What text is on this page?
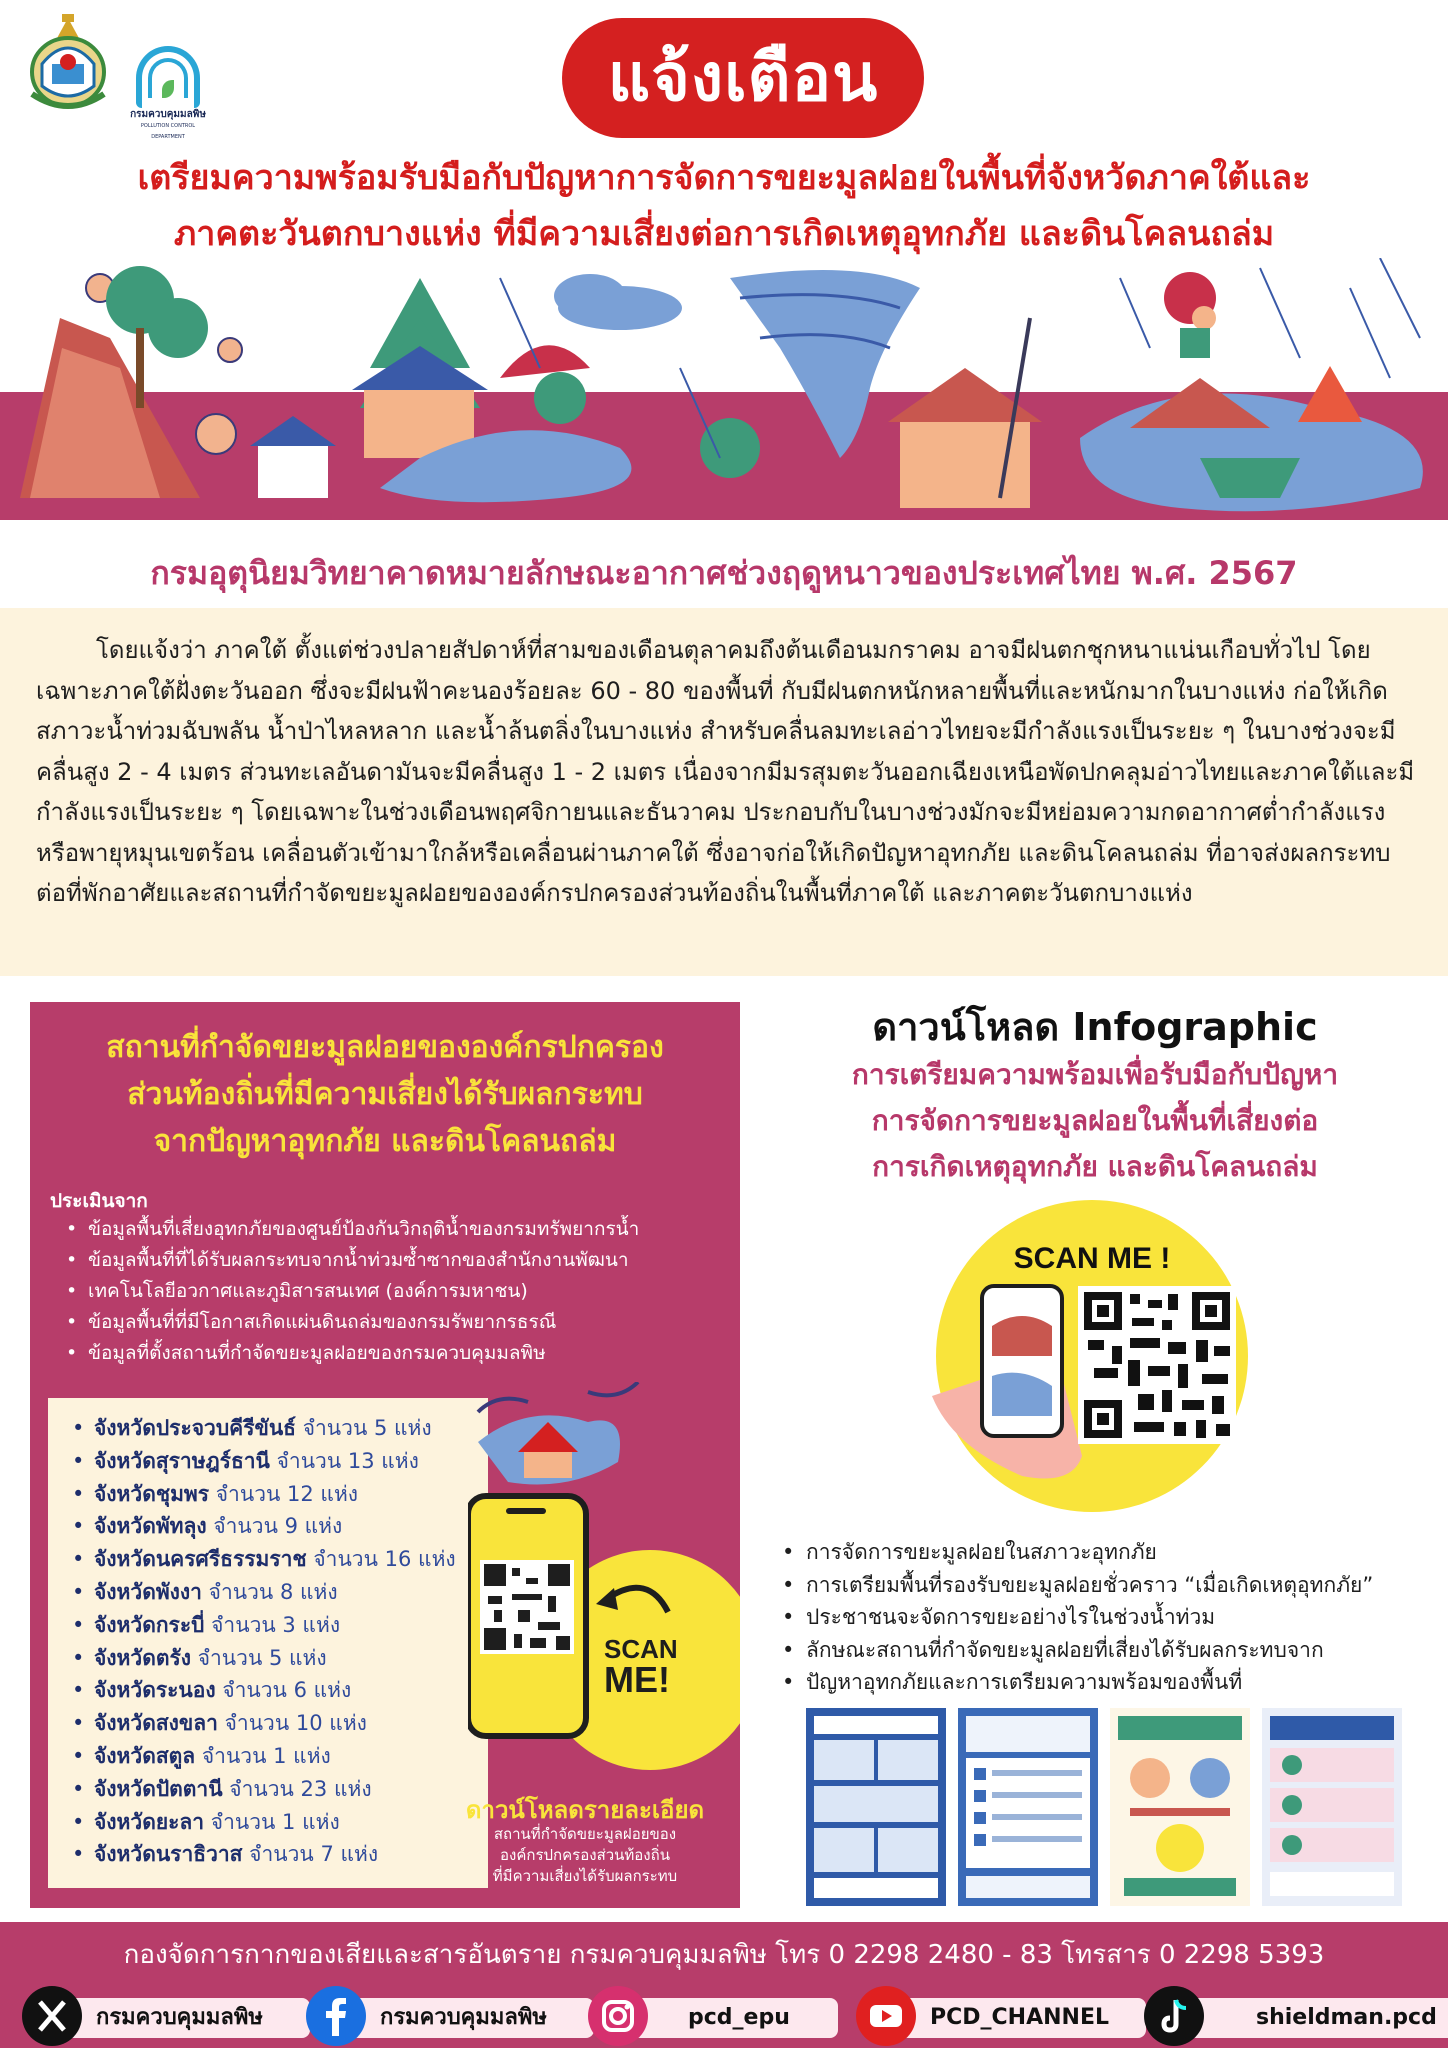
กรมควบคุมมลพิษ
POLLUTION CONTROL DEPARTMENT
แจ้งเตือน
เตรียมความพร้อมรับมือกับปัญหาการจัดการขยะมูลฝอยในพื้นที่จังหวัดภาคใต้และ
ภาคตะวันตกบางแห่ง ที่มีความเสี่ยงต่อการเกิดเหตุอุทกภัย และดินโคลนถล่ม
กรมอุตุนิยมวิทยาคาดหมายลักษณะอากาศช่วงฤดูหนาวของประเทศไทย พ.ศ. 2567

โดยแจ้งว่า ภาคใต้ ตั้งแต่ช่วงปลายสัปดาห์ที่สามของเดือนตุลาคมถึงต้นเดือนมกราคม อาจมีฝนตกชุกหนาแน่นเกือบทั่วไป โดยเฉพาะภาคใต้ฝั่งตะวันออก ซึ่งจะมีฝนฟ้าคะนองร้อยละ 60 - 80 ของพื้นที่ กับมีฝนตกหนักหลายพื้นที่และหนักมากในบางแห่ง ก่อให้เกิดสภาวะน้ำท่วมฉับพลัน น้ำป่าไหลหลาก และน้ำล้นตลิ่งในบางแห่ง สำหรับคลื่นลมทะเลอ่าวไทยจะมีกำลังแรงเป็นระยะ ๆ ในบางช่วงจะมีคลื่นสูง 2 - 4 เมตร ส่วนทะเลอันดามันจะมีคลื่นสูง 1 - 2 เมตร เนื่องจากมีมรสุมตะวันออกเฉียงเหนือพัดปกคลุมอ่าวไทยและภาคใต้และมีกำลังแรงเป็นระยะ ๆ โดยเฉพาะในช่วงเดือนพฤศจิกายนและธันวาคม ประกอบกับในบางช่วงมักจะมีหย่อมความกดอากาศต่ำกำลังแรงหรือพายุหมุนเขตร้อน เคลื่อนตัวเข้ามาใกล้หรือเคลื่อนผ่านภาคใต้ ซึ่งอาจก่อให้เกิดปัญหาอุทกภัย และดินโคลนถล่ม ที่อาจส่งผลกระทบต่อที่พักอาศัยและสถานที่กำจัดขยะมูลฝอยขององค์กรปกครองส่วนท้องถิ่นในพื้นที่ภาคใต้ และภาคตะวันตกบางแห่ง

สถานที่กำจัดขยะมูลฝอยขององค์กรปกครอง
ส่วนท้องถิ่นที่มีความเสี่ยงได้รับผลกระทบ
จากปัญหาอุทกภัย และดินโคลนถล่ม
ประเมินจาก
• ข้อมูลพื้นที่เสี่ยงอุทกภัยของศูนย์ป้องกันวิกฤติน้ำของกรมทรัพยากรน้ำ
• ข้อมูลพื้นที่ที่ได้รับผลกระทบจากน้ำท่วมซ้ำซากของสำนักงานพัฒนา
• เทคโนโลยีอวกาศและภูมิสารสนเทศ (องค์การมหาชน)
• ข้อมูลพื้นที่ที่มีโอกาสเกิดแผ่นดินถล่มของกรมรัพยากรธรณี
• ข้อมูลที่ตั้งสถานที่กำจัดขยะมูลฝอยของกรมควบคุมมลพิษ
• จังหวัดประจวบคีรีขันธ์ จำนวน 5 แห่ง
• จังหวัดสุราษฎร์ธานี จำนวน 13 แห่ง
• จังหวัดชุมพร จำนวน 12 แห่ง
• จังหวัดพัทลุง จำนวน 9 แห่ง
• จังหวัดนครศรีธรรมราช จำนวน 16 แห่ง
• จังหวัดพังงา จำนวน 8 แห่ง
• จังหวัดกระบี่ จำนวน 3 แห่ง
• จังหวัดตรัง จำนวน 5 แห่ง
• จังหวัดระนอง จำนวน 6 แห่ง
• จังหวัดสงขลา จำนวน 10 แห่ง
• จังหวัดสตูล จำนวน 1 แห่ง
• จังหวัดปัตตานี จำนวน 23 แห่ง
• จังหวัดยะลา จำนวน 1 แห่ง
• จังหวัดนราธิวาส จำนวน 7 แห่ง
SCAN
ME!
ดาวน์โหลดรายละเอียด
สถานที่กำจัดขยะมูลฝอยของ
องค์กรปกครองส่วนท้องถิ่น
ที่มีความเสี่ยงได้รับผลกระทบ
ดาวน์โหลด Infographic
การเตรียมความพร้อมเพื่อรับมือกับปัญหา
การจัดการขยะมูลฝอยในพื้นที่เสี่ยงต่อ
การเกิดเหตุอุทกภัย และดินโคลนถล่ม
SCAN ME !
• การจัดการขยะมูลฝอยในสภาวะอุทกภัย
• การเตรียมพื้นที่รองรับขยะมูลฝอยชั่วคราว “เมื่อเกิดเหตุอุทกภัย”
• ประชาชนจะจัดการขยะอย่างไรในช่วงน้ำท่วม
• ลักษณะสถานที่กำจัดขยะมูลฝอยที่เสี่ยงได้รับผลกระทบจาก
• ปัญหาอุทกภัยและการเตรียมความพร้อมของพื้นที่
กองจัดการกากของเสียและสารอันตราย กรมควบคุมมลพิษ โทร 0 2298 2480 - 83 โทรสาร 0 2298 5393
กรมควบคุมมลพิษ	กรมควบคุมมลพิษ	pcd_epu	PCD_CHANNEL	shieldman.pcd
